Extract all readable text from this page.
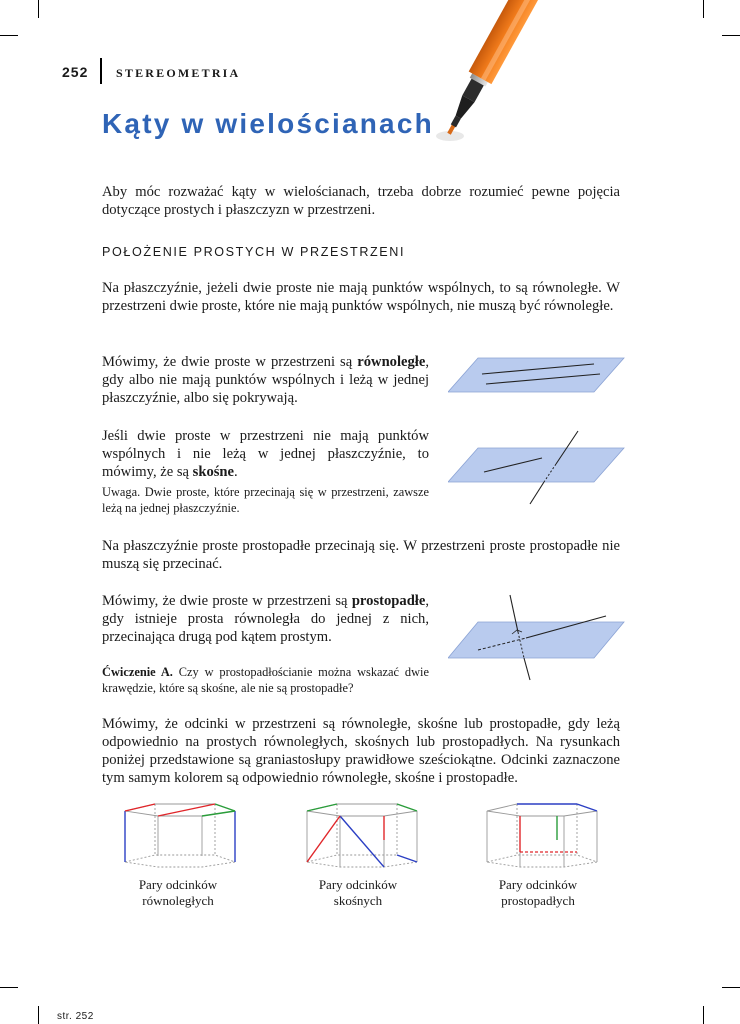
252 STEREOMETRIA
Kąty w wielościanach
Aby móc rozważać kąty w wielościanach, trzeba dobrze rozumieć pewne pojęcia dotyczące prostych i płaszczyzn w przestrzeni.
POŁOŻENIE PROSTYCH W PRZESTRZENI
Na płaszczyźnie, jeżeli dwie proste nie mają punktów wspólnych, to są równoległe. W przestrzeni dwie proste, które nie mają punktów wspólnych, nie muszą być równoległe.
Mówimy, że dwie proste w przestrzeni są równoległe, gdy albo nie mają punktów wspólnych i leżą w jednej płaszczyźnie, albo się pokrywają.
Jeśli dwie proste w przestrzeni nie mają punktów wspólnych i nie leżą w jednej płaszczyźnie, to mówimy, że są skośne.
Uwaga. Dwie proste, które przecinają się w przestrzeni, zawsze leżą na jednej płaszczyźnie.
Na płaszczyźnie proste prostopadłe przecinają się. W przestrzeni proste prostopadłe nie muszą się przecinać.
Mówimy, że dwie proste w przestrzeni są prostopadłe, gdy istnieje prosta równoległa do jednej z nich, przecinająca drugą pod kątem prostym.
Ćwiczenie A. Czy w prostopadłościanie można wskazać dwie krawędzie, które są skośne, ale nie są prostopadłe?
Mówimy, że odcinki w przestrzeni są równoległe, skośne lub prostopadłe, gdy leżą odpowiednio na prostych równoległych, skośnych lub prostopadłych. Na rysunkach poniżej przedstawione są graniastosłupy prawidłowe sześciokątne. Odcinki zaznaczone tym samym kolorem są odpowiednio równoległe, skośne i prostopadłe.
Pary odcinków
równoległych
Pary odcinków
skośnych
Pary odcinków
prostopadłych
str. 252
